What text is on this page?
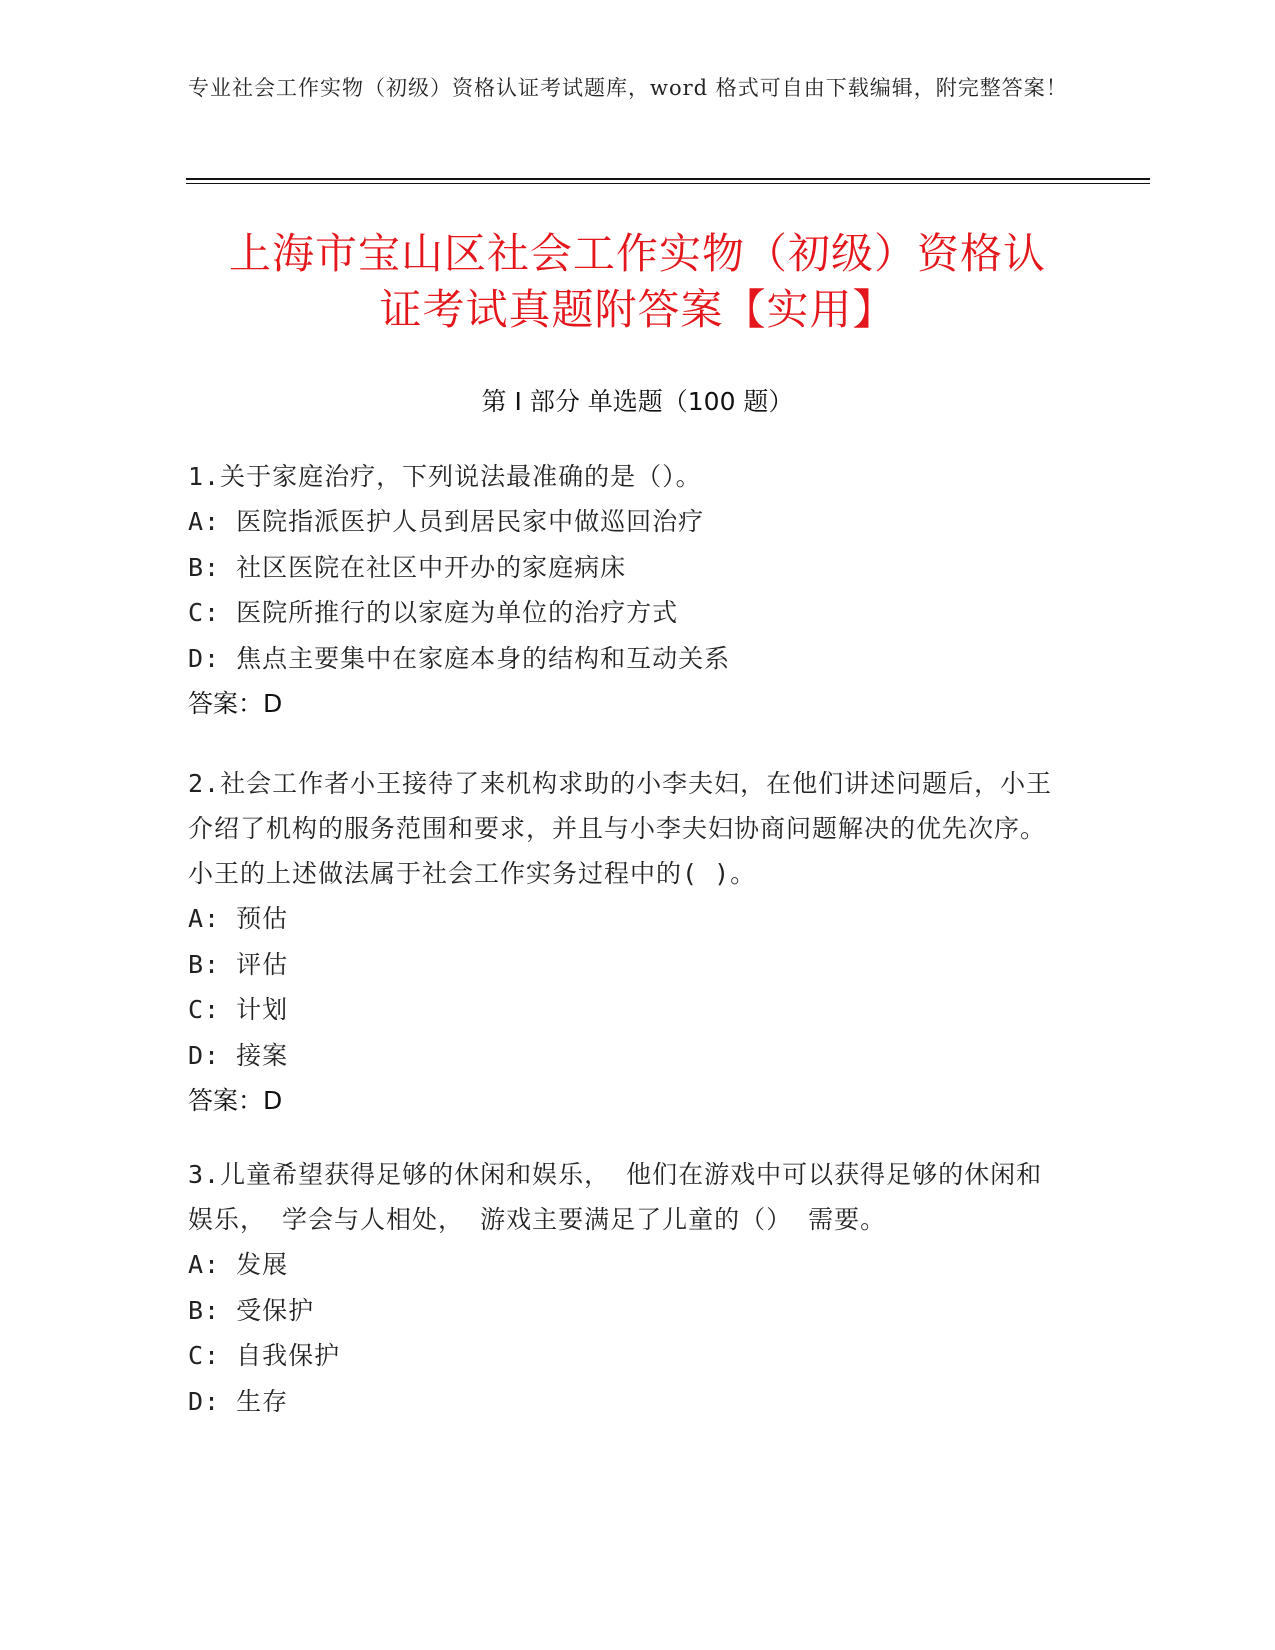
专业社会工作实物（初级）资格认证考试题库，word 格式可自由下载编辑，附完整答案！
上海市宝山区社会工作实物（初级）资格认
证考试真题附答案【实用】
第 I 部分 单选题（100 题）
1.关于家庭治疗，下列说法最准确的是（）。
A: 医院指派医护人员到居民家中做巡回治疗
B: 社区医院在社区中开办的家庭病床
C: 医院所推行的以家庭为单位的治疗方式
D: 焦点主要集中在家庭本身的结构和互动关系
答案：D
2.社会工作者小王接待了来机构求助的小李夫妇，在他们讲述问题后，小王介绍了机构的服务范围和要求，并且与小李夫妇协商问题解决的优先次序。小王的上述做法属于社会工作实务过程中的( )。
A: 预估
B: 评估
C: 计划
D: 接案
答案：D
3.儿童希望获得足够的休闲和娱乐， 他们在游戏中可以获得足够的休闲和娱乐， 学会与人相处， 游戏主要满足了儿童的（） 需要。
A: 发展
B: 受保护
C: 自我保护
D: 生存
